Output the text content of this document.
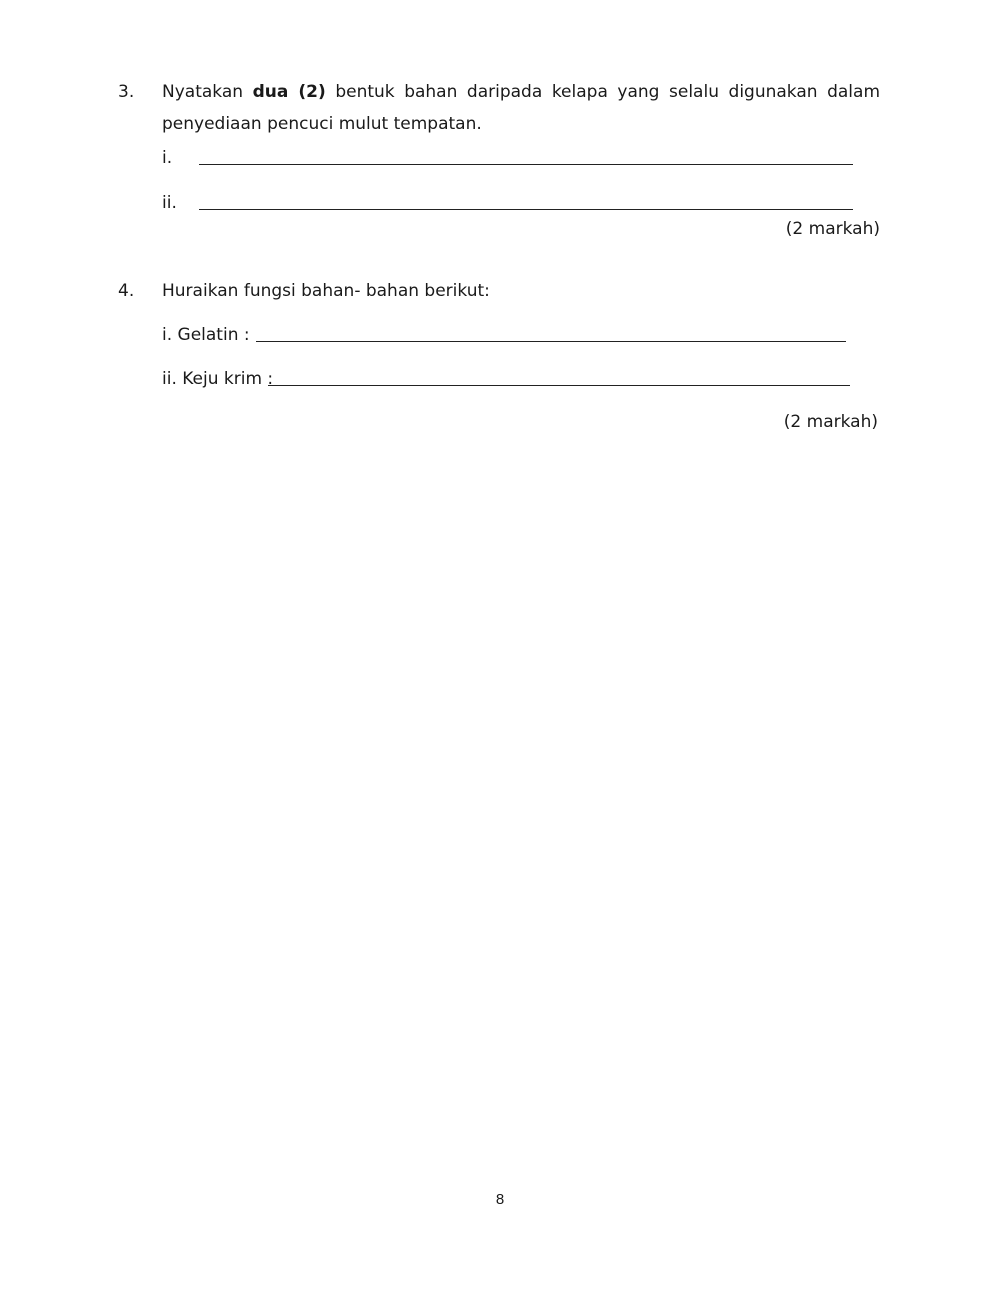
3. Nyatakan dua (2) bentuk bahan daripada kelapa yang selalu digunakan dalam penyediaan pencuci mulut tempatan.
i.
ii.
(2 markah)
4. Huraikan fungsi bahan- bahan berikut:
i. Gelatin :
ii. Keju krim :
(2 markah)
8
